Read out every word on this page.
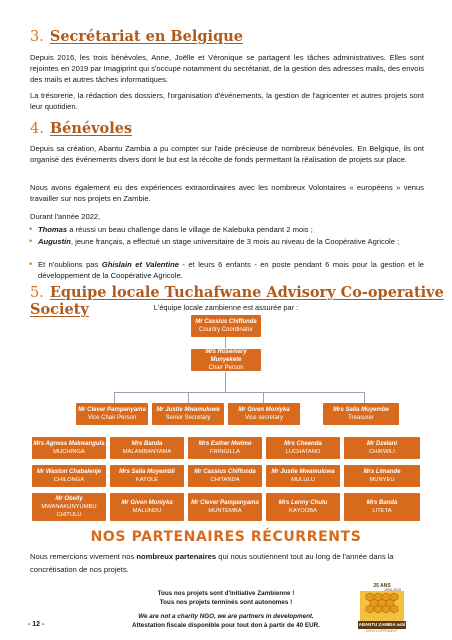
3. Secrétariat en Belgique

Depuis 2016, les trois bénévoles, Anne, Joëlle et Véronique se partagent les tâches administratives. Elles sont rejointes en 2019 par Imagiprint qui s'occupe notamment du secrétariat, de la gestion des adresses mails, des envois des mails et autres tâches informatiques.

La trésorerie, la rédaction des dossiers, l'organisation d'événements, la gestion de l'agricenter et autres projets sont leur quotidien.

4. Bénévoles

Depuis sa création, Abantu Zambia a pu compter sur l'aide précieuse de nombreux bénévoles. En Belgique, ils ont organisé des événements divers dont le but est la récolte de fonds permettant la réalisation de projets sur place.

Nous avons également eu des expériences extraordinaires avec les nombreux Volontaires « européens » venus travailler sur nos projets en Zambie.

Durant l'année 2022,

• Thomas a réussi un beau challenge dans le village de Kalebuka pendant 2 mois ;
• Augustin, jeune français, a effectué un stage universitaire de 3 mois au niveau de la Coopérative Agricole ;
• Et n'oublions pas Ghislain et Valentine - et leurs 6 enfants - en poste pendant 6 mois pour la gestion et le développement de la Coopérative Agricole.
5. Equipe locale Tuchafwane Advisory Co-operative Society	L'équipe locale zambienne est assurée par :
Mr Cassius Chiffunda
Country Coordinator
Mrs Rosemary Munyekete
Chair Person
Mr Clever Pampanyama
Vice Chair Person
Mr Justie Mwamulowe
Senior Secretary
Mr Given Moniyka
Vice secretary
Mrs Salia Muyembe
Treasurer
Mrs Agness Makwangula
MUCHINGA
Mrs Banda
MALAMBANYAMA
Mrs Esther Mwimo
FRINGILLA
Mrs Cheenda
LUCHATANO
Mr Dzelani
CHIKWILI
Mr Waston Chabalenje
CHILONGA
Mrs Salia Muyembli
KATOLE
Mr Cassius Chiffunda
CHITANDA
Mr Justie Mwamulowa
MULULU
Mrs Limande
MUNYEU
Mr Obelly
MWANAKUNYUMBU CHITULU
Mr Given Moniyka
MALUNDU
Mr Clever Pampanyama
MUNTEMBA
Mrs Lenny Chulu
KAYOOBA
Mrs Banda
LITETA
NOS PARTENAIRES RÉCURRENTS

Nous remercions vivement nos nombreux partenaires qui nous soutiennent tout au long de l'année dans la concrétisation de nos projets.

Tous nos projets sont d'initiative Zambienne !
Tous nos projets terminés sont autonomes !
We are not a charity NGO, we are partners in development.
Attestation fiscale disponible pour tout don à partir de 40 EUR.
- 12 -
25 ANS
1994-2019
ABANTU ZAMBIA asbl
DÉVELOPPEMENT
